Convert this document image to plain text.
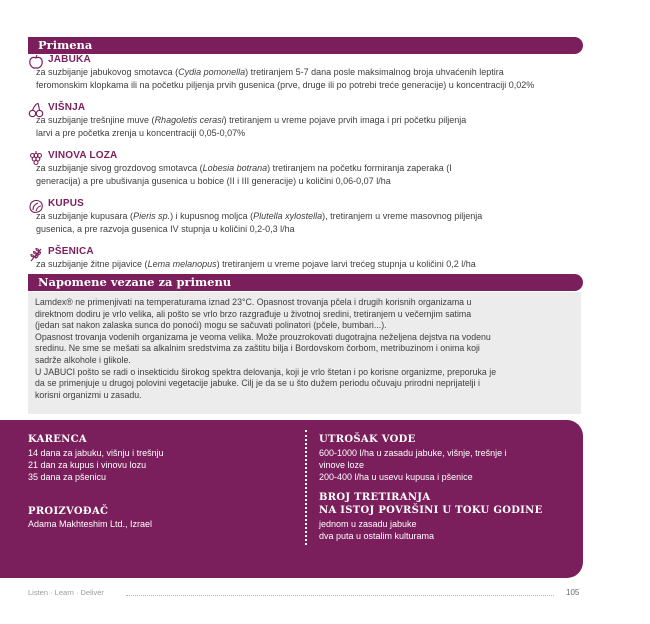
Primena
JABUKA
za suzbijanje jabukovog smotavca (Cydia pomonella) tretiranjem 5-7 dana posle maksimalnog broja uhvaćenih leptira
feromonskim klopkama ili na početku piljenja prvih gusenica (prve, druge ili po potrebi treće generacije) u koncentraciji 0,02%
VIŠNJA
za suzbijanje trešnjine muve (Rhagoletis cerasi) tretiranjem u vreme pojave prvih imaga i pri početku piljenja
larvi a pre početka zrenja u koncentraciji 0,05-0,07%
VINOVA LOZA
za suzbijanje sivog grozdovog smotavca (Lobesia botrana) tretiranjem na početku formiranja zaperaka (I
generacija) a pre ubušivanja gusenica u bobice (II i III generacije) u količini 0,06-0,07 l/ha
KUPUS
za suzbijanje kupusara (Pieris sp.) i kupusnog moljca (Plutella xylostella), tretiranjem u vreme masovnog piljenja
gusenica, a pre razvoja gusenica IV stupnja u količini 0,2-0,3 l/ha
PŠENICA
za suzbijanje žitne pijavice (Lema melanopus) tretiranjem u vreme pojave larvi trećeg stupnja u količini 0,2 l/ha
Napomene vezane za primenu
Lamdex® ne primenjivati na temperaturama iznad 23°C. Opasnost trovanja pčela i drugih korisnih organizama u
direktnom dodiru je vrlo velika, ali pošto se vrlo brzo razgrađuje u životnoj sredini, tretiranjem u večernjim satima
(jedan sat nakon zalaska sunca do ponoći) mogu se sačuvati polinatori (pčele, bumbari...).
Opasnost trovanja vodenih organizama je veoma velika. Može prouzrokovati dugotrajna neželjena dejstva na vodenu
sredinu. Ne sme se mešati sa alkalnim sredstvima za zaštitu bilja i Bordovskom čorbom, metribuzinom i onima koji
sadrže alkohole i glikole.
U JABUCI pošto se radi o insekticidu širokog spektra delovanja, koji je vrlo štetan i po korisne organizme, preporuka je
da se primenjuje u drugoj polovini vegetacije jabuke. Cilj je da se u što dužem periodu očuvaju prirodni neprijatelji i
korisni organizmi u zasadu.
KARENCA
14 dana za jabuku, višnju i trešnju
21 dan za kupus i vinovu lozu
35 dana za pšenicu
PROIZVOĐAČ
Adama Makhteshim Ltd., Izrael
UTROŠAK VODE
600-1000 l/ha u zasadu jabuke, višnje, trešnje i
vinove loze
200-400 l/ha u usevu kupusa i pšenice
BROJ TRETIRANJA
NA ISTOJ POVRŠINI U TOKU GODINE
jednom u zasadu jabuke
dva puta u ostalim kulturama
Listen · Learn · Deliver	105
